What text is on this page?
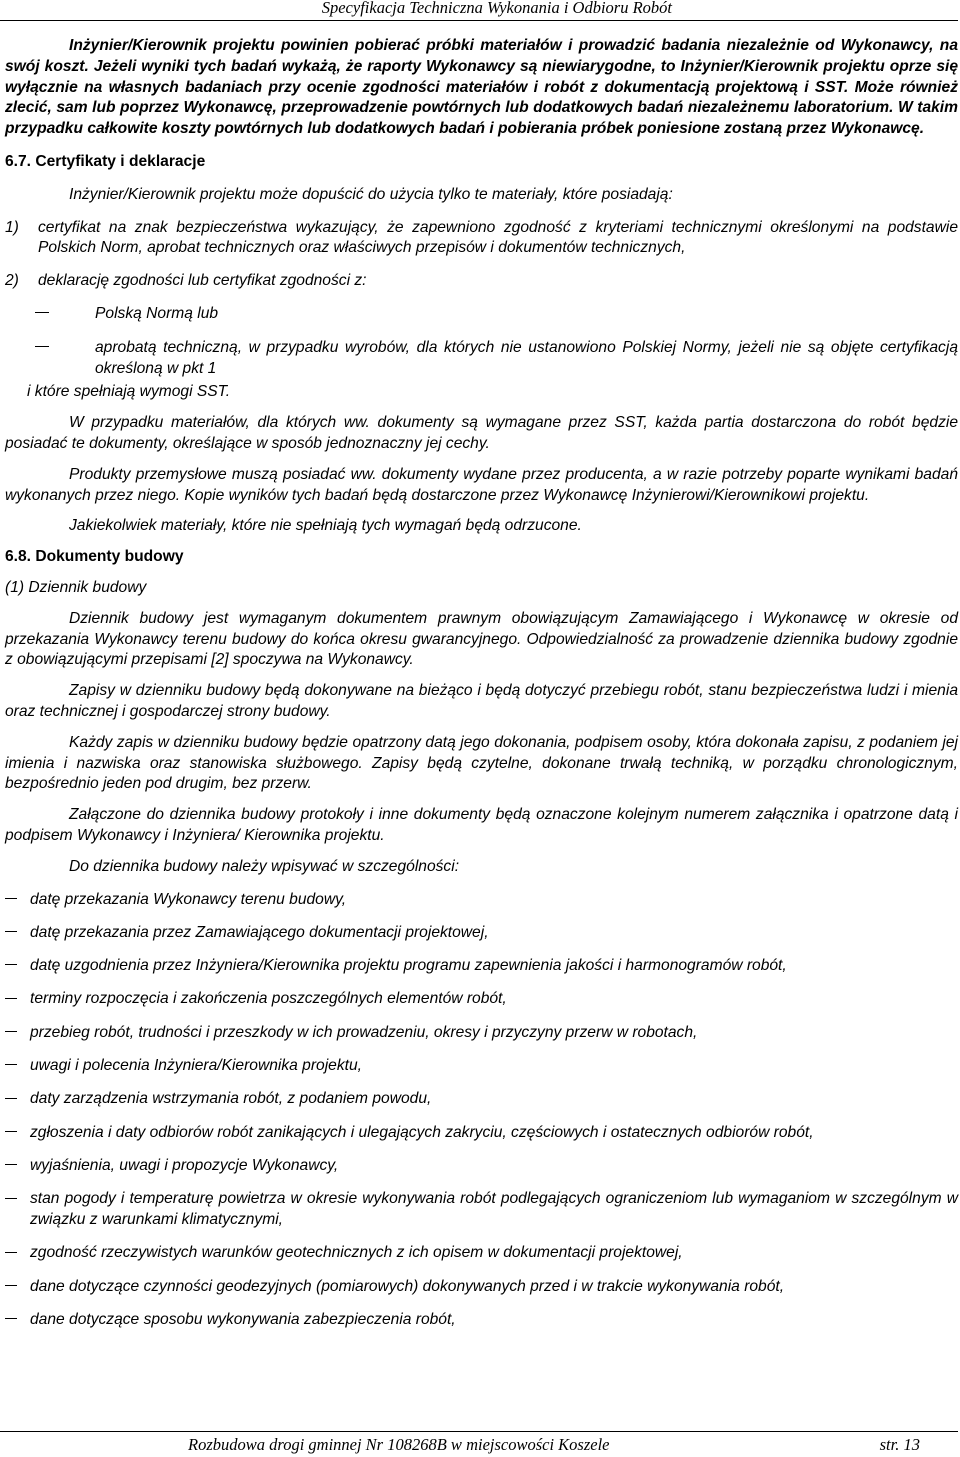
Specyfikacja Techniczna Wykonania i Odbioru Robót

Inżynier/Kierownik projektu powinien pobierać próbki materiałów i prowadzić badania niezależnie od Wykonawcy, na swój koszt. Jeżeli wyniki tych badań wykażą, że raporty Wykonawcy są niewiarygodne, to Inżynier/Kierownik projektu oprze się wyłącznie na własnych badaniach przy ocenie zgodności materiałów i robót z dokumentacją projektową i SST. Może również zlecić, sam lub poprzez Wykonawcę, przeprowadzenie powtórnych lub dodatkowych badań niezależnemu laboratorium. W takim przypadku całkowite koszty powtórnych lub dodatkowych badań i pobierania próbek poniesione zostaną przez Wykonawcę.

6.7. Certyfikaty i deklaracje

Inżynier/Kierownik projektu może dopuścić do użycia tylko te materiały, które posiadają:

1)	certyfikat na znak bezpieczeństwa wykazujący, że zapewniono zgodność z kryteriami technicznymi określonymi na podstawie Polskich Norm, aprobat technicznych oraz właściwych przepisów i dokumentów technicznych,
2)	deklarację zgodności lub certyfikat zgodności z:
Polską Normą lub
aprobatą techniczną, w przypadku wyrobów, dla których nie ustanowiono Polskiej Normy, jeżeli nie są objęte certyfikacją określoną w pkt 1

i które spełniają wymogi SST.

W przypadku materiałów, dla których ww. dokumenty są wymagane przez SST, każda partia dostarczona do robót będzie posiadać te dokumenty, określające w sposób jednoznaczny jej cechy.

Produkty przemysłowe muszą posiadać ww. dokumenty wydane przez producenta, a w razie potrzeby poparte wynikami badań wykonanych przez niego. Kopie wyników tych badań będą dostarczone przez Wykonawcę Inżynierowi/Kierownikowi projektu.

Jakiekolwiek materiały, które nie spełniają tych wymagań będą odrzucone.

6.8. Dokumenty budowy

(1) Dziennik budowy

Dziennik budowy jest wymaganym dokumentem prawnym obowiązującym Zamawiającego i Wykonawcę w okresie od przekazania Wykonawcy terenu budowy do końca okresu gwarancyjnego. Odpowiedzialność za prowadzenie dziennika budowy zgodnie z obowiązującymi przepisami [2] spoczywa na Wykonawcy.

Zapisy w dzienniku budowy będą dokonywane na bieżąco i będą dotyczyć przebiegu robót, stanu bezpieczeństwa ludzi i mienia oraz technicznej i gospodarczej strony budowy.

Każdy zapis w dzienniku budowy będzie opatrzony datą jego dokonania, podpisem osoby, która dokonała zapisu, z podaniem jej imienia i nazwiska oraz stanowiska służbowego. Zapisy będą czytelne, dokonane trwałą techniką, w porządku chronologicznym, bezpośrednio jeden pod drugim, bez przerw.

Załączone do dziennika budowy protokoły i inne dokumenty będą oznaczone kolejnym numerem załącznika i opatrzone datą i podpisem Wykonawcy i Inżyniera/ Kierownika projektu.

Do dziennika budowy należy wpisywać w szczególności:

datę przekazania Wykonawcy terenu budowy,
datę przekazania przez Zamawiającego dokumentacji projektowej,
datę uzgodnienia przez Inżyniera/Kierownika projektu programu zapewnienia jakości i harmonogramów robót,
terminy rozpoczęcia i zakończenia poszczególnych elementów robót,
przebieg robót, trudności i przeszkody w ich prowadzeniu, okresy i przyczyny przerw w robotach,
uwagi i polecenia Inżyniera/Kierownika projektu,
daty zarządzenia wstrzymania robót, z podaniem powodu,
zgłoszenia i daty odbiorów robót zanikających i ulegających zakryciu, częściowych i ostatecznych odbiorów robót,
wyjaśnienia, uwagi i propozycje Wykonawcy,
stan pogody i temperaturę powietrza w okresie wykonywania robót podlegających ograniczeniom lub wymaganiom w szczególnym w związku z warunkami klimatycznymi,
zgodność rzeczywistych warunków geotechnicznych z ich opisem w dokumentacji projektowej,
dane dotyczące czynności geodezyjnych (pomiarowych) dokonywanych przed i w trakcie wykonywania robót,
dane dotyczące sposobu wykonywania zabezpieczenia robót,
Rozbudowa drogi gminnej Nr 108268B w miejscowości Koszele	str. 13
